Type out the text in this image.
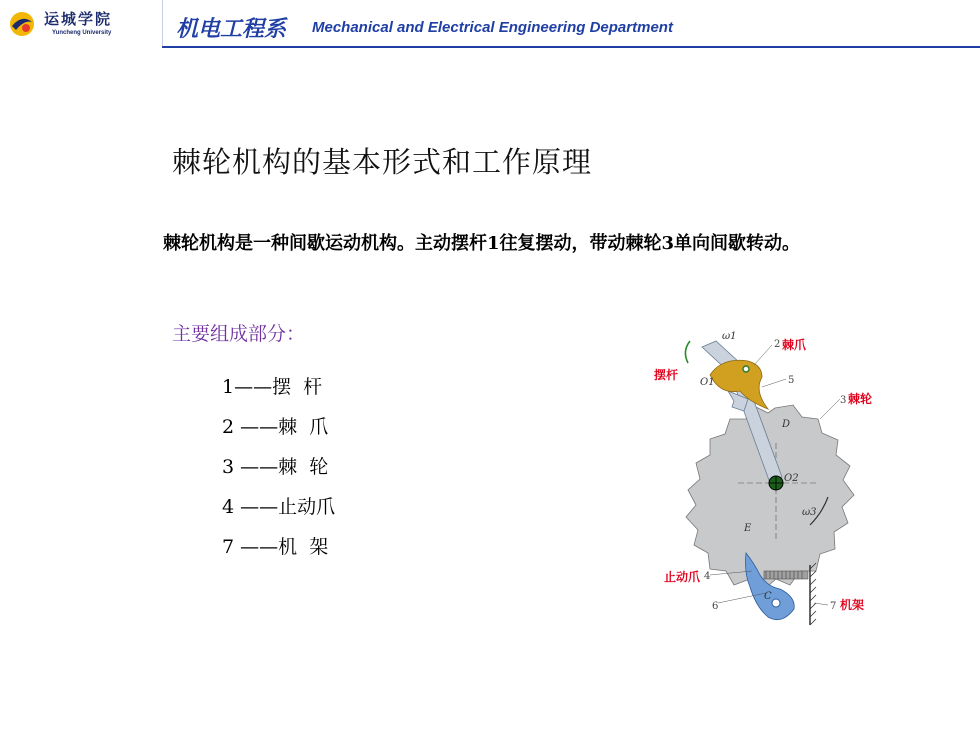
运城学院
Yuncheng University	机电工程系 Mechanical and Electrical Engineering Department
棘轮机构的基本形式和工作原理
棘轮机构是一种间歇运动机构。主动摆杆1往复摆动，带动棘轮3单向间歇转动。
主要组成部分：
1——摆  杆
2 ——棘  爪
3 ——棘  轮
4 ——止动爪
7 ——机  架
棘爪
摆杆
棘轮
止动爪
机架
2
3
4
5
6	7
O1
O2
D
E
C
ω1
ω3
